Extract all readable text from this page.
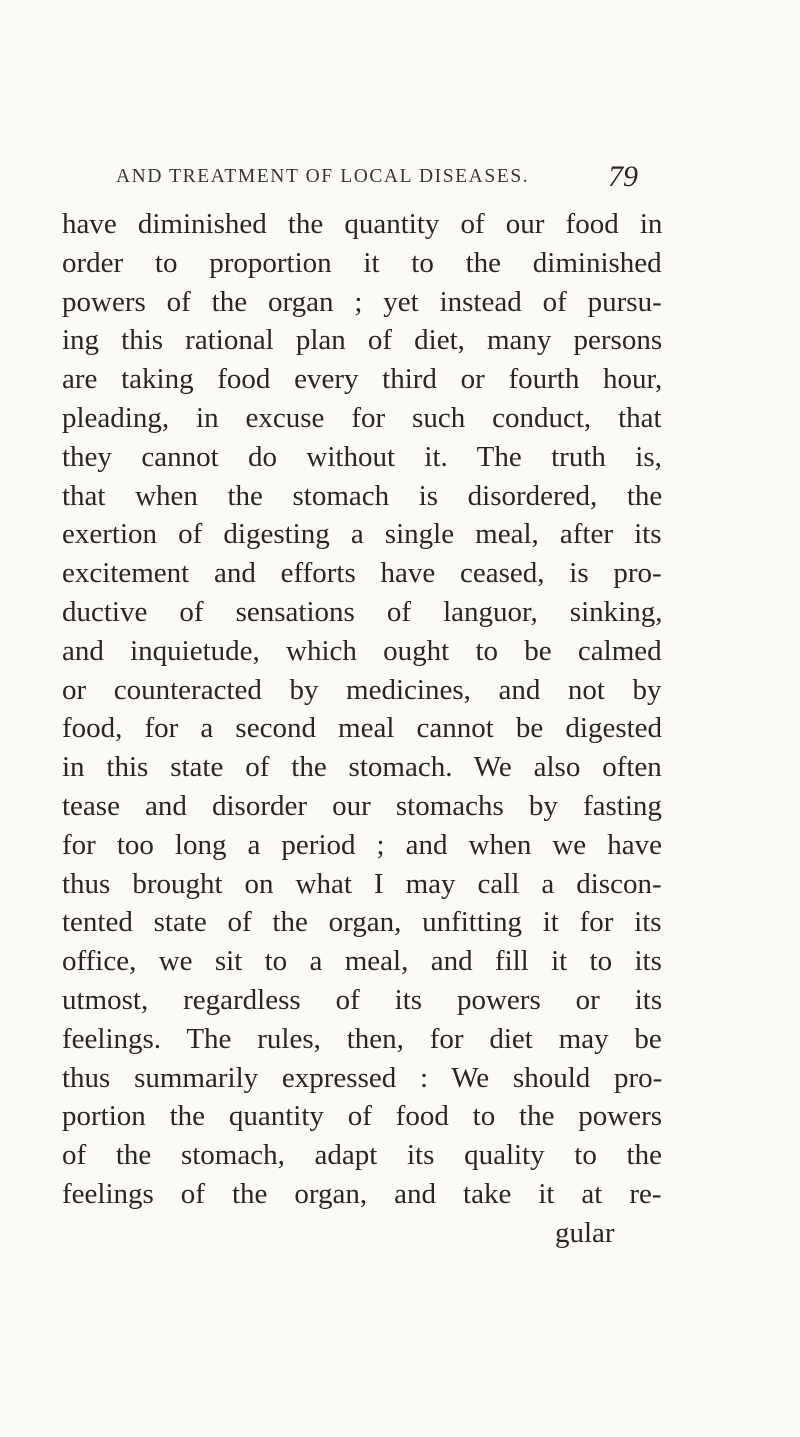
AND TREATMENT OF LOCAL DISEASES.	79
have diminished the quantity of our food in
order to proportion it to the diminished
powers of the organ ; yet instead of pursu-
ing this rational plan of diet, many persons
are taking food every third or fourth hour,
pleading, in excuse for such conduct, that
they cannot do without it. The truth is,
that when the stomach is disordered, the
exertion of digesting a single meal, after its
excitement and efforts have ceased, is pro-
ductive of sensations of languor, sinking,
and inquietude, which ought to be calmed
or counteracted by medicines, and not by
food, for a second meal cannot be digested
in this state of the stomach. We also often
tease and disorder our stomachs by fasting
for too long a period ; and when we have
thus brought on what I may call a discon-
tented state of the organ, unfitting it for its
office, we sit to a meal, and fill it to its
utmost, regardless of its powers or its
feelings. The rules, then, for diet may be
thus summarily expressed : We should pro-
portion the quantity of food to the powers
of the stomach, adapt its quality to the
feelings of the organ, and take it at re-
gular
